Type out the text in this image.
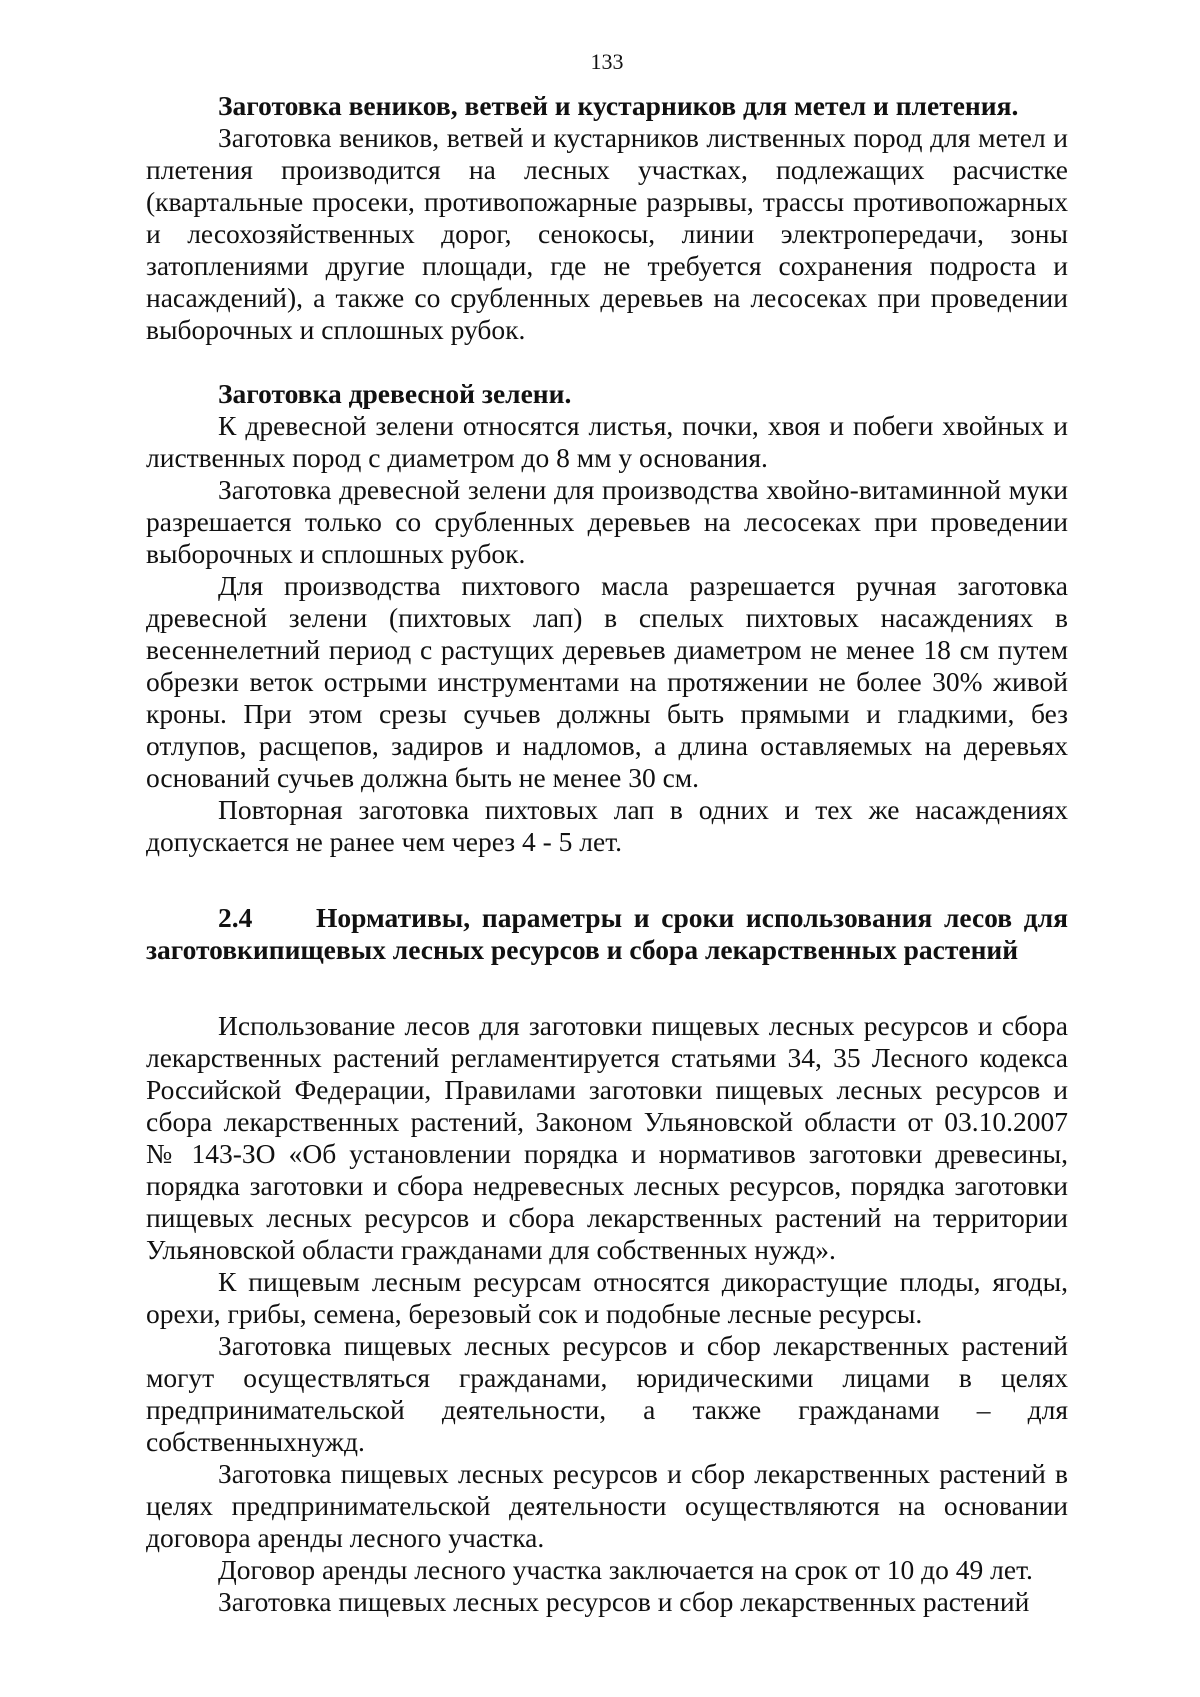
133

Заготовка веников, ветвей и кустарников для метел и плетения.

Заготовка веников, ветвей и кустарников лиственных пород для метел и плетения производится на лесных участках, подлежащих расчистке (квартальные просеки, противопожарные разрывы, трассы противопожарных и лесохозяйственных дорог, сенокосы, линии электропередачи, зоны затоплениями другие площади, где не требуется сохранения подроста и насаждений), а также со срубленных деревьев на лесосеках при проведении выборочных и сплошных рубок.

Заготовка древесной зелени.

К древесной зелени относятся листья, почки, хвоя и побеги хвойных и лиственных пород с диаметром до 8 мм у основания.

Заготовка древесной зелени для производства хвойно-витаминной муки разрешается только со срубленных деревьев на лесосеках при проведении выборочных и сплошных рубок.

Для производства пихтового масла разрешается ручная заготовка древесной зелени (пихтовых лап) в спелых пихтовых насаждениях в весеннелетний период с растущих деревьев диаметром не менее 18 см путем обрезки веток острыми инструментами на протяжении не более 30% живой кроны. При этом срезы сучьев должны быть прямыми и гладкими, без отлупов, расщепов, задиров и надломов, а длина оставляемых на деревьях оснований сучьев должна быть не менее 30 см.

Повторная заготовка пихтовых лап в одних и тех же насаждениях допускается не ранее чем через 4 - 5 лет.

2.4 Нормативы, параметры и сроки использования лесов для заготовкипищевых лесных ресурсов и сбора лекарственных растений

Использование лесов для заготовки пищевых лесных ресурсов и сбора лекарственных растений регламентируется статьями 34, 35 Лесного кодекса Российской Федерации, Правилами заготовки пищевых лесных ресурсов и сбора лекарственных растений, Законом Ульяновской области от 03.10.2007 № 143-ЗО «Об установлении порядка и нормативов заготовки древесины, порядка заготовки и сбора недревесных лесных ресурсов, порядка заготовки пищевых лесных ресурсов и сбора лекарственных растений на территории Ульяновской области гражданами для собственных нужд».

К пищевым лесным ресурсам относятся дикорастущие плоды, ягоды, орехи, грибы, семена, березовый сок и подобные лесные ресурсы.

Заготовка пищевых лесных ресурсов и сбор лекарственных растений могут осуществляться гражданами, юридическими лицами в целях предпринимательской деятельности, а также гражданами – для собственныхнужд.

Заготовка пищевых лесных ресурсов и сбор лекарственных растений в целях предпринимательской деятельности осуществляются на основании договора аренды лесного участка.

Договор аренды лесного участка заключается на срок от 10 до 49 лет.

Заготовка пищевых лесных ресурсов и сбор лекарственных растений
